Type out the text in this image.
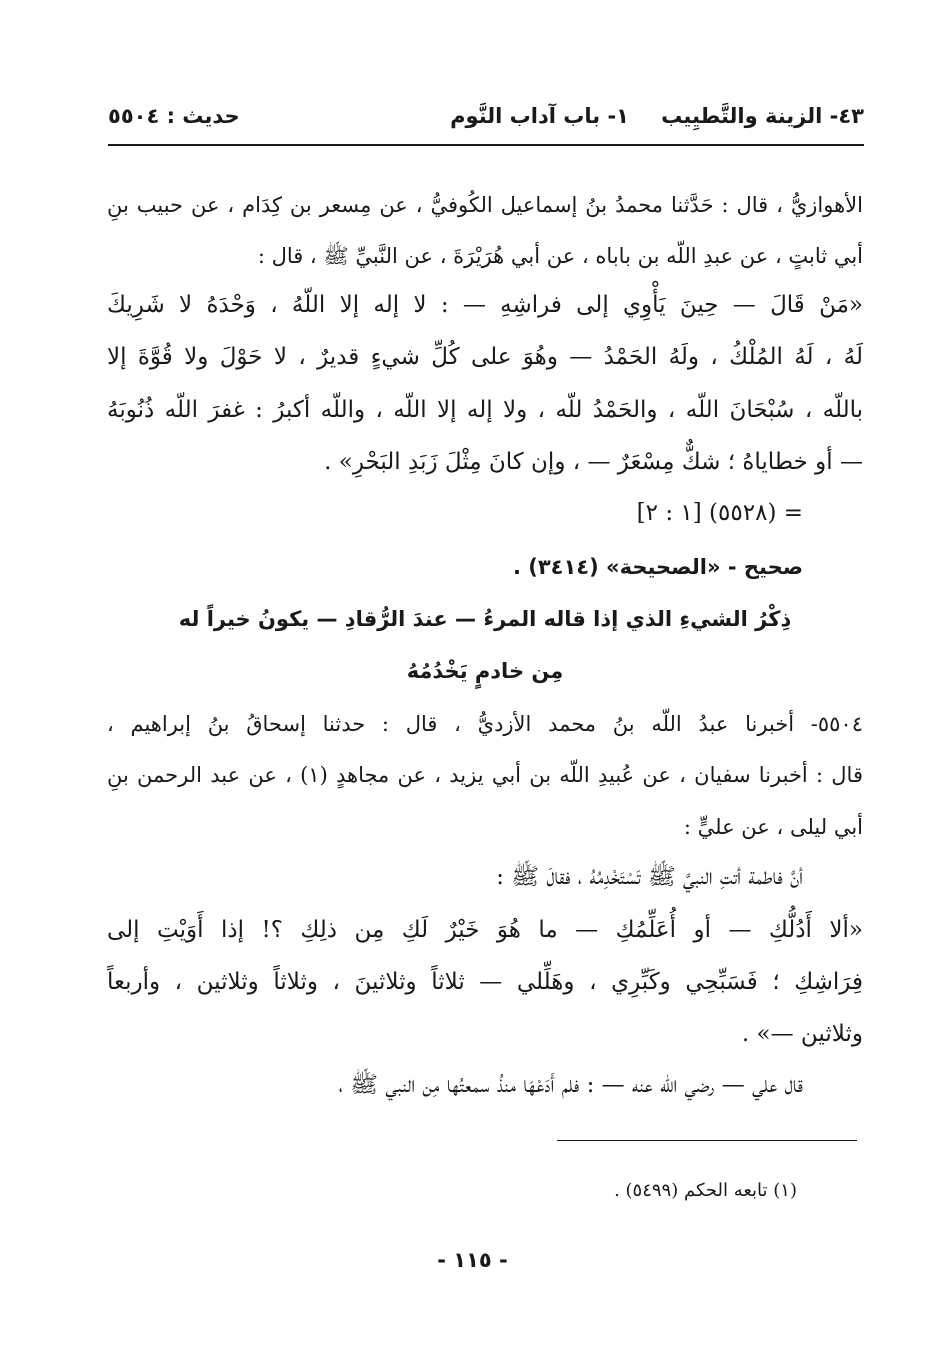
٤٣- الزينة والتَّطيِيب
١- باب آداب النَّوم
حديث : ٥٥٠٤
الأهوازيُّ ، قال : حَدَّثنا محمدُ بنُ إسماعيل الكُوفيُّ ، عن مِسعر بن كِدَام ، عن حبيب بنِ
أبي ثابتٍ ، عن عبدِ اللّه بن باباه ، عن أبي هُرَيْرَةَ ، عن النَّبيِّ ﷺ ، قال :
«مَنْ قَالَ — حِينَ يَأْوِي إلى فراشِهِ — : لا إله إلا اللّهُ ، وَحْدَهُ لا شَرِيكَ
لَهُ ، لَهُ المُلْكُ ، ولَهُ الحَمْدُ — وهُوَ على كُلِّ شيءٍ قديرٌ ، لا حَوْلَ ولا قُوَّةَ إلا
باللّه ، سُبْحَانَ اللّه ، والحَمْدُ للّه ، ولا إله إلا اللّه ، واللّه أكبرُ : غفرَ اللّه ذُنُوبَهُ
— أو خطاياهُ ؛ شكٌّ مِسْعَرٌ — ، وإن كانَ مِثْلَ زَبَدِ البَحْرِ» .
= (٥٥٢٨) [١ : ٢]
صحيح - «الصحيحة» (٣٤١٤) .
ذِكْرُ الشيءِ الذي إذا قاله المرءُ — عندَ الرُّقادِ — يكونُ خيراً له
مِن خادمٍ يَخْدُمُهُ
٥٥٠٤- أخبرنا عبدُ اللّه بنُ محمد الأزديُّ ، قال : حدثنا إسحاقُ بنُ إبراهيم ،
قال : أخبرنا سفيان ، عن عُبيدِ اللّه بن أبي يزيد ، عن مجاهدٍ (١) ، عن عبد الرحمن بنِ
أبي ليلى ، عن عليٍّ :
أنَّ فاطمة أتتِ النبيَّ ﷺ تَسْتَخْدِمُهُ ، فقالَ ﷺ :
«ألا أَدُلُّكِ — أو أُعَلِّمُكِ — ما هُوَ خَيْرٌ لَكِ مِن ذلِكِ ؟! إذا أَوَيْتِ إلى
فِرَاشِكِ ؛ فَسَبِّحِي وكَبِّرِي ، وهَلِّلي — ثلاثاً وثلاثينَ ، وثلاثاً وثلاثين ، وأربعاً
وثلاثين —» .
قال علي — رضي اللّه عنه — : فلم أَدَعْهَا منذُ سمعتُها مِن النبي ﷺ ،
(١) تابعه الحكم (٥٤٩٩) .
- ١١٥ -
